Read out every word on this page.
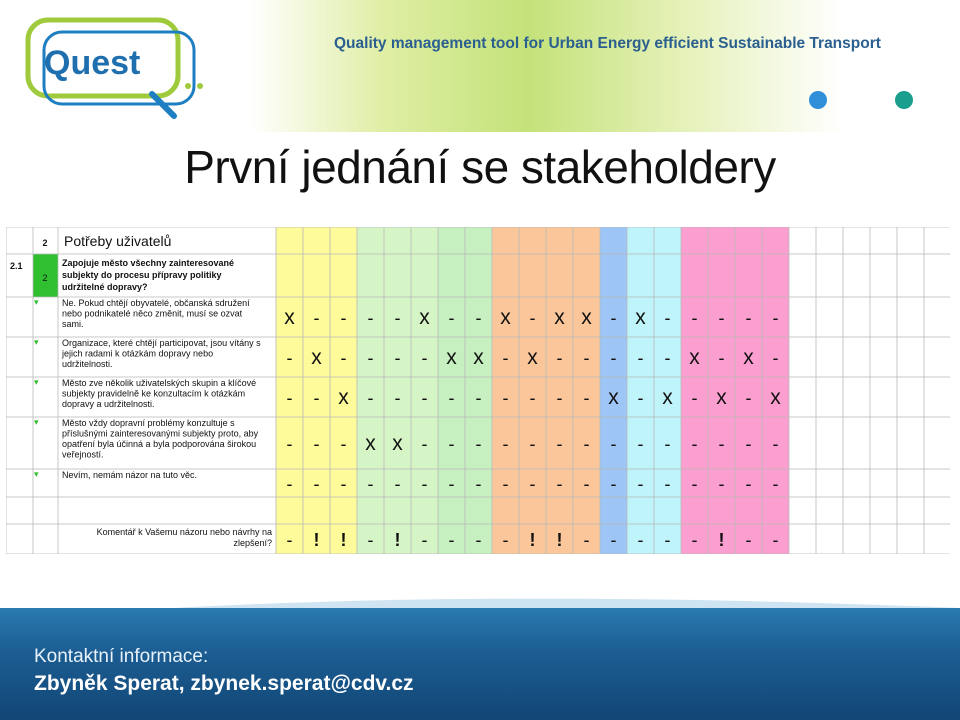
Quest
Quality management tool for Urban Energy efficient Sustainable Transport
První jednání se stakeholdery
2 Potřeby uživatelů
2.1
2
Zapojuje město všechny zainteresované
subjekty do procesu přípravy politiky
udržitelné dopravy?
▾	Ne. Pokud chtějí obyvatelé, občanská sdružení
nebo podnikatelé něco změnit, musí se ozvat
sami.	x - - - - x - - x - x x - x - - - - -
▾	Organizace, které chtějí participovat, jsou vítány s
jejich radami k otázkám dopravy nebo
udržitelnosti.	- x - - - - x x - x - - - - - x - x -
▾	Město zve několik uživatelských skupin a klíčové
subjekty pravidelně ke konzultacím k otázkám
dopravy a udržitelnosti.	- - x - - - - - - - - - x - x - x - x
▾	Město vždy dopravní problémy konzultuje s
příslušnými zainteresovanými subjekty proto, aby
opatření byla účinná a byla podporována širokou
veřejností.
- - - x x - - - - - - - - - - - - - -
▾	Nevím, nemám názor na tuto věc.	- - - - - - - - - - - - - - - - - - -
Komentář k Vašemu názoru nebo návrhy na
zlepšení? - ! ! - ! - - - - ! ! - - - - - ! - -
Kontaktní informace:
Zbyněk Sperat, zbynek.sperat@cdv.cz
